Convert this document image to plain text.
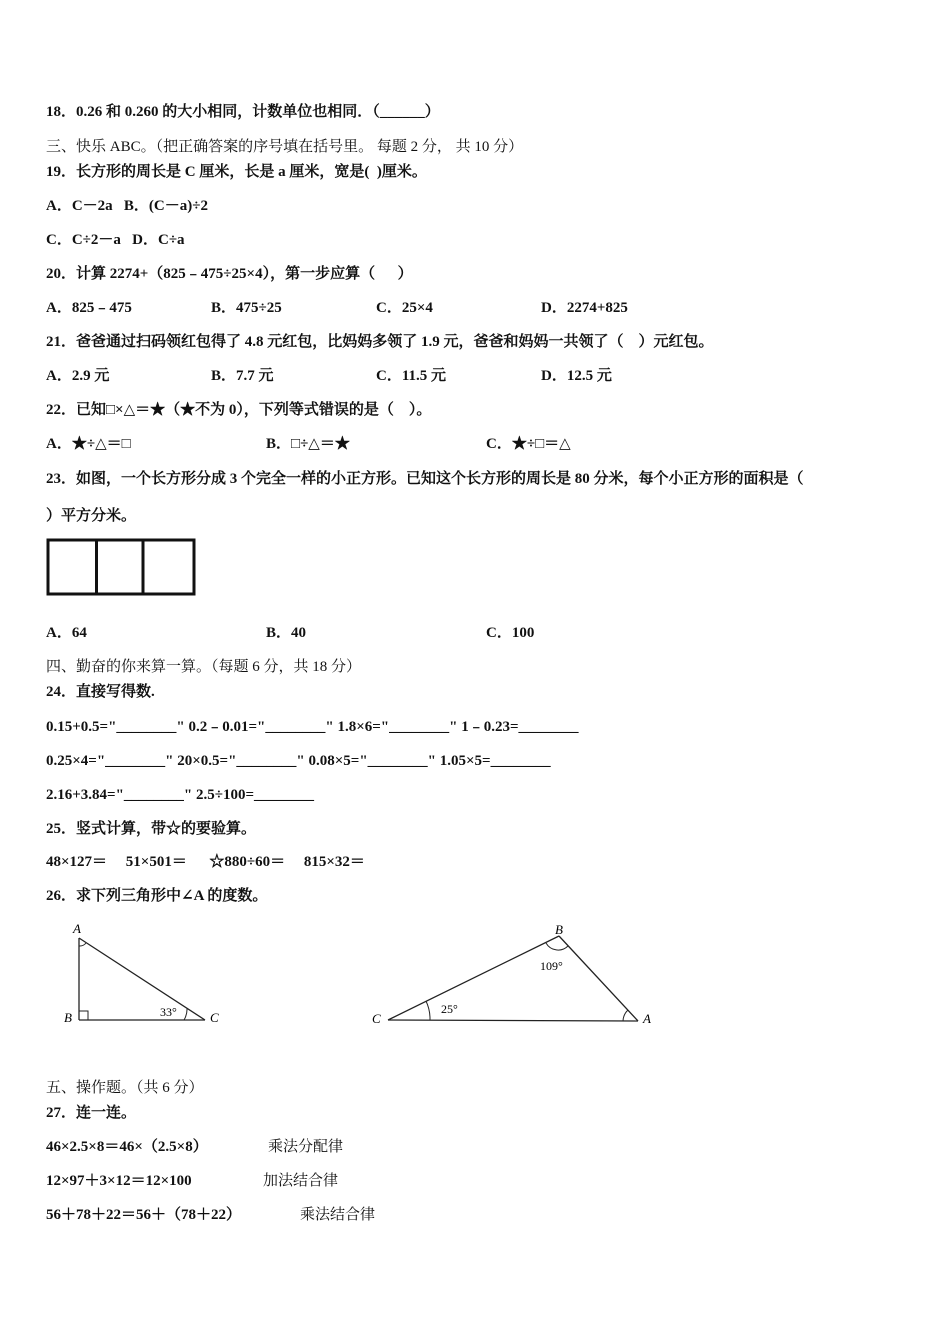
18．0.26 和 0.260 的大小相同，计数单位也相同．（______）
三、快乐 ABC。（把正确答案的序号填在括号里。 每题 2 分， 共 10 分）
19．长方形的周长是 C 厘米，长是 a 厘米，宽是(  )厘米。
A．C－2a   B．(C－a)÷2
C．C÷2－a   D．C÷a
20．计算 2274+（825﹣475÷25×4），第一步应算（      ）
A．825﹣475	B．475÷25	C．25×4	D．2274+825
21．爸爸通过扫码领红包得了 4.8 元红包，比妈妈多领了 1.9 元，爸爸和妈妈一共领了（    ）元红包。
A．2.9 元	B．7.7 元	C．11.5 元	D．12.5 元
22．已知□×△＝★（★不为 0），下列等式错误的是（    ）。
A．★÷△＝□	B．□÷△＝★	C．★÷□＝△
23．如图，一个长方形分成 3 个完全一样的小正方形。已知这个长方形的周长是 80 分米，每个小正方形的面积是（
）平方分米。
A．64	B．40	C．100
四、勤奋的你来算一算。（每题 6 分，共 18 分）
24．直接写得数.
0.15+0.5="________" 0.2﹣0.01="________" 1.8×6="________" 1﹣0.23=________
0.25×4="________" 20×0.5="________" 0.08×5="________" 1.05×5=________
2.16+3.84="________" 2.5÷100=________
25．竖式计算，带☆的要验算。
48×127＝     51×501＝      ☆880÷60＝     815×32＝
26．求下列三角形中∠A 的度数。
A
B	C
33°
B
C	A
109°
25°
五、操作题。（共 6 分）
27．连一连。
46×2.5×8＝46×（2.5×8）	乘法分配律
12×97＋3×12＝12×100	加法结合律
56＋78＋22＝56＋（78＋22）	乘法结合律
